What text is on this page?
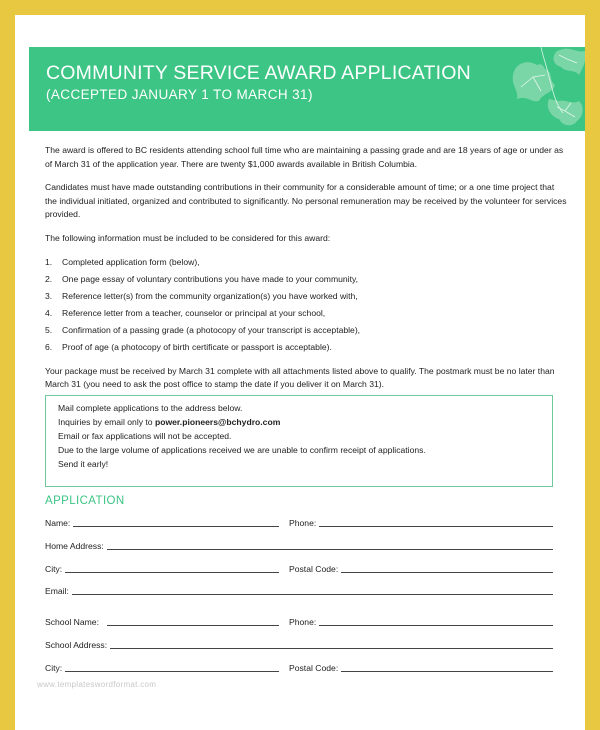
COMMUNITY SERVICE AWARD APPLICATION
(ACCEPTED JANUARY 1 TO MARCH 31)

The award is offered to BC residents attending school full time who are maintaining a passing grade and are 18 years of age or under as of March 31 of the application year. There are twenty $1,000 awards available in British Columbia.

Candidates must have made outstanding contributions in their community for a considerable amount of time; or a one time project that the individual initiated, organized and contributed to significantly. No personal remuneration may be received by the volunteer for services provided.

The following information must be included to be considered for this award:

1.	Completed application form (below),
2.	One page essay of voluntary contributions you have made to your community,
3.	Reference letter(s) from the community organization(s) you have worked with,
4.	Reference letter from a teacher, counselor or principal at your school,
5.	Confirmation of a passing grade (a photocopy of your transcript is acceptable),
6.	Proof of age (a photocopy of birth certificate or passport is acceptable).

Your package must be received by March 31 complete with all attachments listed above to qualify. The postmark must be no later than March 31 (you need to ask the post office to stamp the date if you deliver it on March 31).

Mail complete applications to the address below.
Inquiries by email only to power.pioneers@bchydro.com
Email or fax applications will not be accepted.
Due to the large volume of applications received we are unable to confirm receipt of applications.
Send it early!
APPLICATION
Name:	Phone:
Home Address:
City:	Postal Code:
Email:
School Name:	Phone:
School Address:
City:	Postal Code:
www.templateswordformat.com
